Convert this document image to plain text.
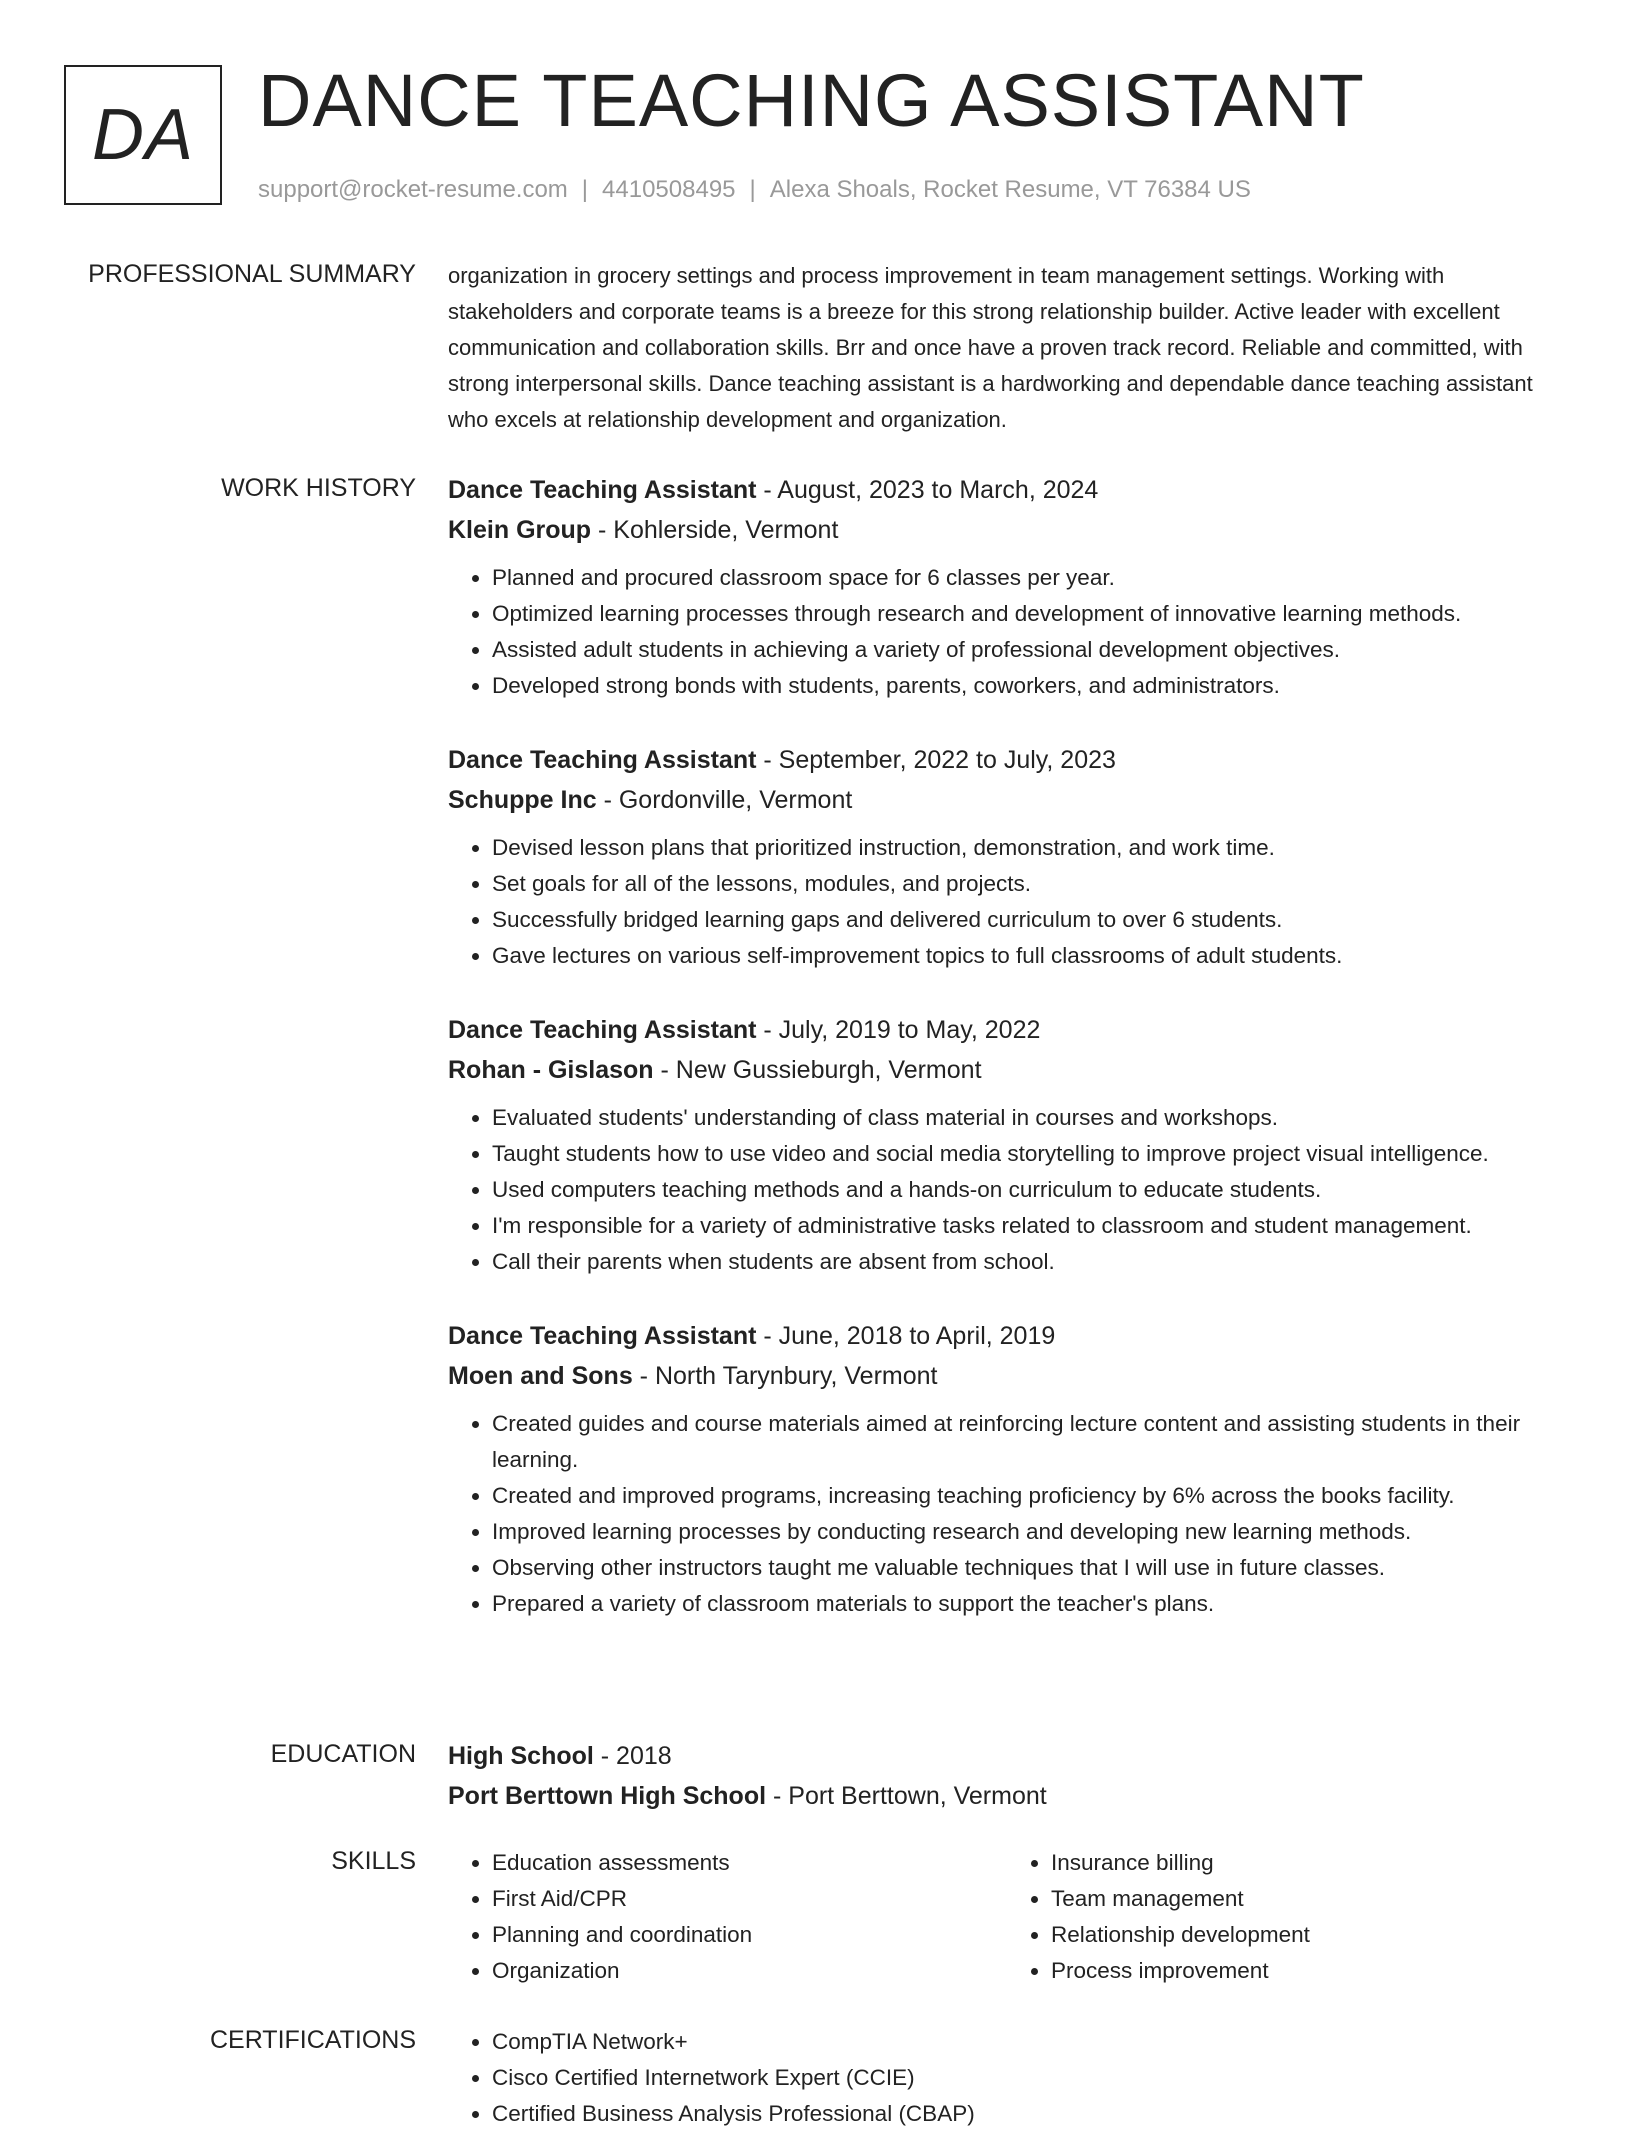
DA DANCE TEACHING ASSISTANT
support@rocket-resume.com | 4410508495 | Alexa Shoals, Rocket Resume, VT 76384 US
PROFESSIONAL SUMMARY organization in grocery settings and process improvement in team management settings. Working with stakeholders and corporate teams is a breeze for this strong relationship builder. Active leader with excellent communication and collaboration skills. Brr and once have a proven track record. Reliable and committed, with strong interpersonal skills. Dance teaching assistant is a hardworking and dependable dance teaching assistant who excels at relationship development and organization.

WORK HISTORY Dance Teaching Assistant - August, 2023 to March, 2024
Klein Group - Kohlerside, Vermont
• Planned and procured classroom space for 6 classes per year.
• Optimized learning processes through research and development of innovative learning methods.
• Assisted adult students in achieving a variety of professional development objectives.
• Developed strong bonds with students, parents, coworkers, and administrators.
Dance Teaching Assistant - September, 2022 to July, 2023
Schuppe Inc - Gordonville, Vermont
• Devised lesson plans that prioritized instruction, demonstration, and work time.
• Set goals for all of the lessons, modules, and projects.
• Successfully bridged learning gaps and delivered curriculum to over 6 students.
• Gave lectures on various self-improvement topics to full classrooms of adult students.
Dance Teaching Assistant - July, 2019 to May, 2022
Rohan - Gislason - New Gussieburgh, Vermont
• Evaluated students' understanding of class material in courses and workshops.
• Taught students how to use video and social media storytelling to improve project visual intelligence.
• Used computers teaching methods and a hands-on curriculum to educate students.
• I'm responsible for a variety of administrative tasks related to classroom and student management.
• Call their parents when students are absent from school.
Dance Teaching Assistant - June, 2018 to April, 2019
Moen and Sons - North Tarynbury, Vermont
• Created guides and course materials aimed at reinforcing lecture content and assisting students in their learning.
• Created and improved programs, increasing teaching proficiency by 6% across the books facility.
• Improved learning processes by conducting research and developing new learning methods.
• Observing other instructors taught me valuable techniques that I will use in future classes.
• Prepared a variety of classroom materials to support the teacher's plans.
EDUCATION High School - 2018
Port Berttown High School - Port Berttown, Vermont
SKILLS	• Education assessments
• First Aid/CPR
• Planning and coordination
• Organization
• Insurance billing
• Team management
• Relationship development
• Process improvement
CERTIFICATIONS	• CompTIA Network+
• Cisco Certified Internetwork Expert (CCIE)
• Certified Business Analysis Professional (CBAP)
